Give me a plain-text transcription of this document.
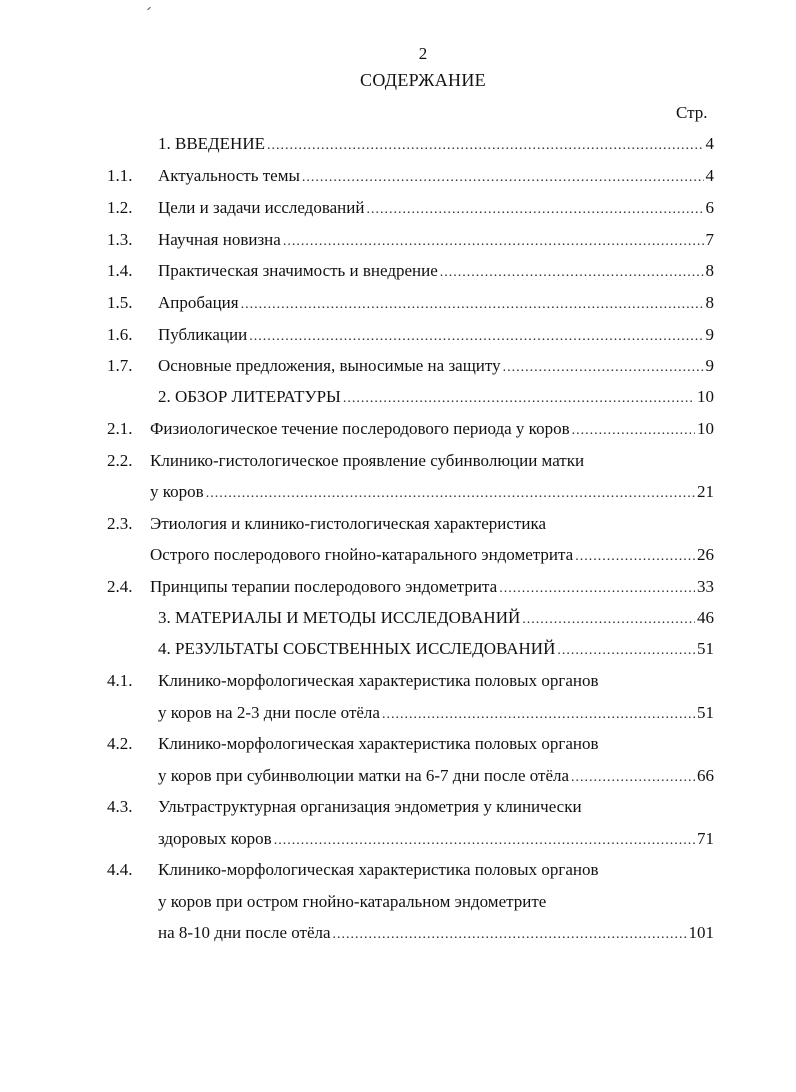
2
СОДЕРЖАНИЕ
Стр.
1. ВВЕДЕНИЕ .....	4
1.1.	Актуальность темы .....	4
1.2.	Цели и задачи исследований .....	6
1.3.	Научная новизна .....	7
1.4.	Практическая значимость и внедрение .....	8
1.5.	Апробация .....	8
1.6.	Публикации .....	9
1.7.	Основные предложения, выносимые на защиту .....	9
2. ОБЗОР ЛИТЕРАТУРЫ .....	10
2.1.	Физиологическое течение послеродового периода у коров .....	10
2.2.	Клинико-гистологическое проявление субинволюции матки
у коров .....	21
2.3.	Этиология и клинико-гистологическая характеристика
Острого послеродового гнойно-катарального эндометрита .....	26
2.4.	Принципы терапии послеродового эндометрита .....	33
3. МАТЕРИАЛЫ И МЕТОДЫ ИССЛЕДОВАНИЙ .....	46
4. РЕЗУЛЬТАТЫ СОБСТВЕННЫХ ИССЛЕДОВАНИЙ .....	51
4.1.	Клинико-морфологическая характеристика половых органов
у коров на 2-3 дни после отёла .....	51
4.2.	Клинико-морфологическая характеристика половых органов
у коров при субинволюции матки на 6-7 дни после отёла .....	66
4.3.	Ультраструктурная организация эндометрия у клинически
здоровых коров .....	71
4.4.	Клинико-морфологическая характеристика половых органов
у коров при остром гнойно-катаральном эндометрите
на 8-10 дни после отёла .....	101
